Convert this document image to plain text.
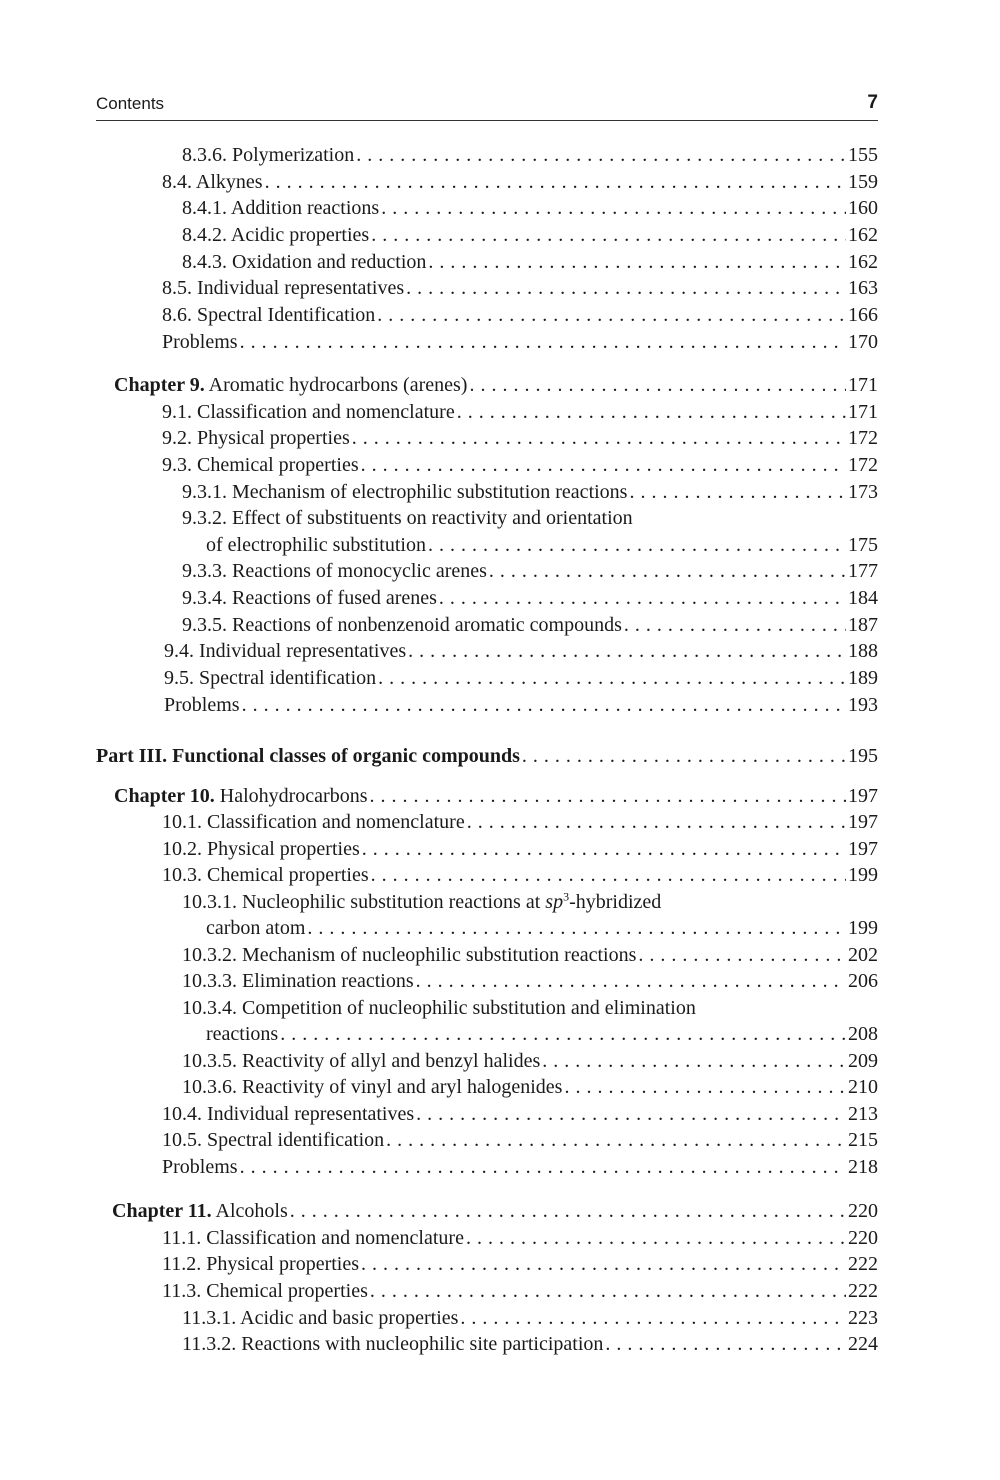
Contents	7
8.3.6. Polymerization . . .	155
8.4. Alkynes . . .	159
8.4.1. Addition reactions . . .	160
8.4.2. Acidic properties . . .	162
8.4.3. Oxidation and reduction . . .	162
8.5. Individual representatives . . .	163
8.6. Spectral Identification . . .	166
Problems . . .	170
Chapter 9. Aromatic hydrocarbons (arenes) . . .	171
9.1. Classification and nomenclature . . .	171
9.2. Physical properties . . .	172
9.3. Chemical properties . . .	172
9.3.1. Mechanism of electrophilic substitution reactions . . .	173
9.3.2. Effect of substituents on reactivity and orientation
of electrophilic substitution . . .	175
9.3.3. Reactions of monocyclic arenes . . .	177
9.3.4. Reactions of fused arenes . . .	184
9.3.5. Reactions of nonbenzenoid aromatic compounds . . .	187
9.4. Individual representatives . . .	188
9.5. Spectral identification . . .	189
Problems . . .	193
Part III. Functional classes of organic compounds . . .	195
Chapter 10. Halohydrocarbons . . .	197
10.1. Classification and nomenclature . . .	197
10.2. Physical properties . . .	197
10.3. Chemical properties . . .	199
10.3.1. Nucleophilic substitution reactions at $sp^3$-hybridized
carbon atom . . .	199
10.3.2. Mechanism of nucleophilic substitution reactions . . .	202
10.3.3. Elimination reactions . . .	206
10.3.4. Competition of nucleophilic substitution and elimination
reactions . . .	208
10.3.5. Reactivity of allyl and benzyl halides . . .	209
10.3.6. Reactivity of vinyl and aryl halogenides . . .	210
10.4. Individual representatives . . .	213
10.5. Spectral identification . . .	215
Problems . . .	218
Chapter 11. Alcohols . . .	220
11.1. Classification and nomenclature . . .	220
11.2. Physical properties . . .	222
11.3. Chemical properties . . .	222
11.3.1. Acidic and basic properties . . .	223
11.3.2. Reactions with nucleophilic site participation . . .	224
